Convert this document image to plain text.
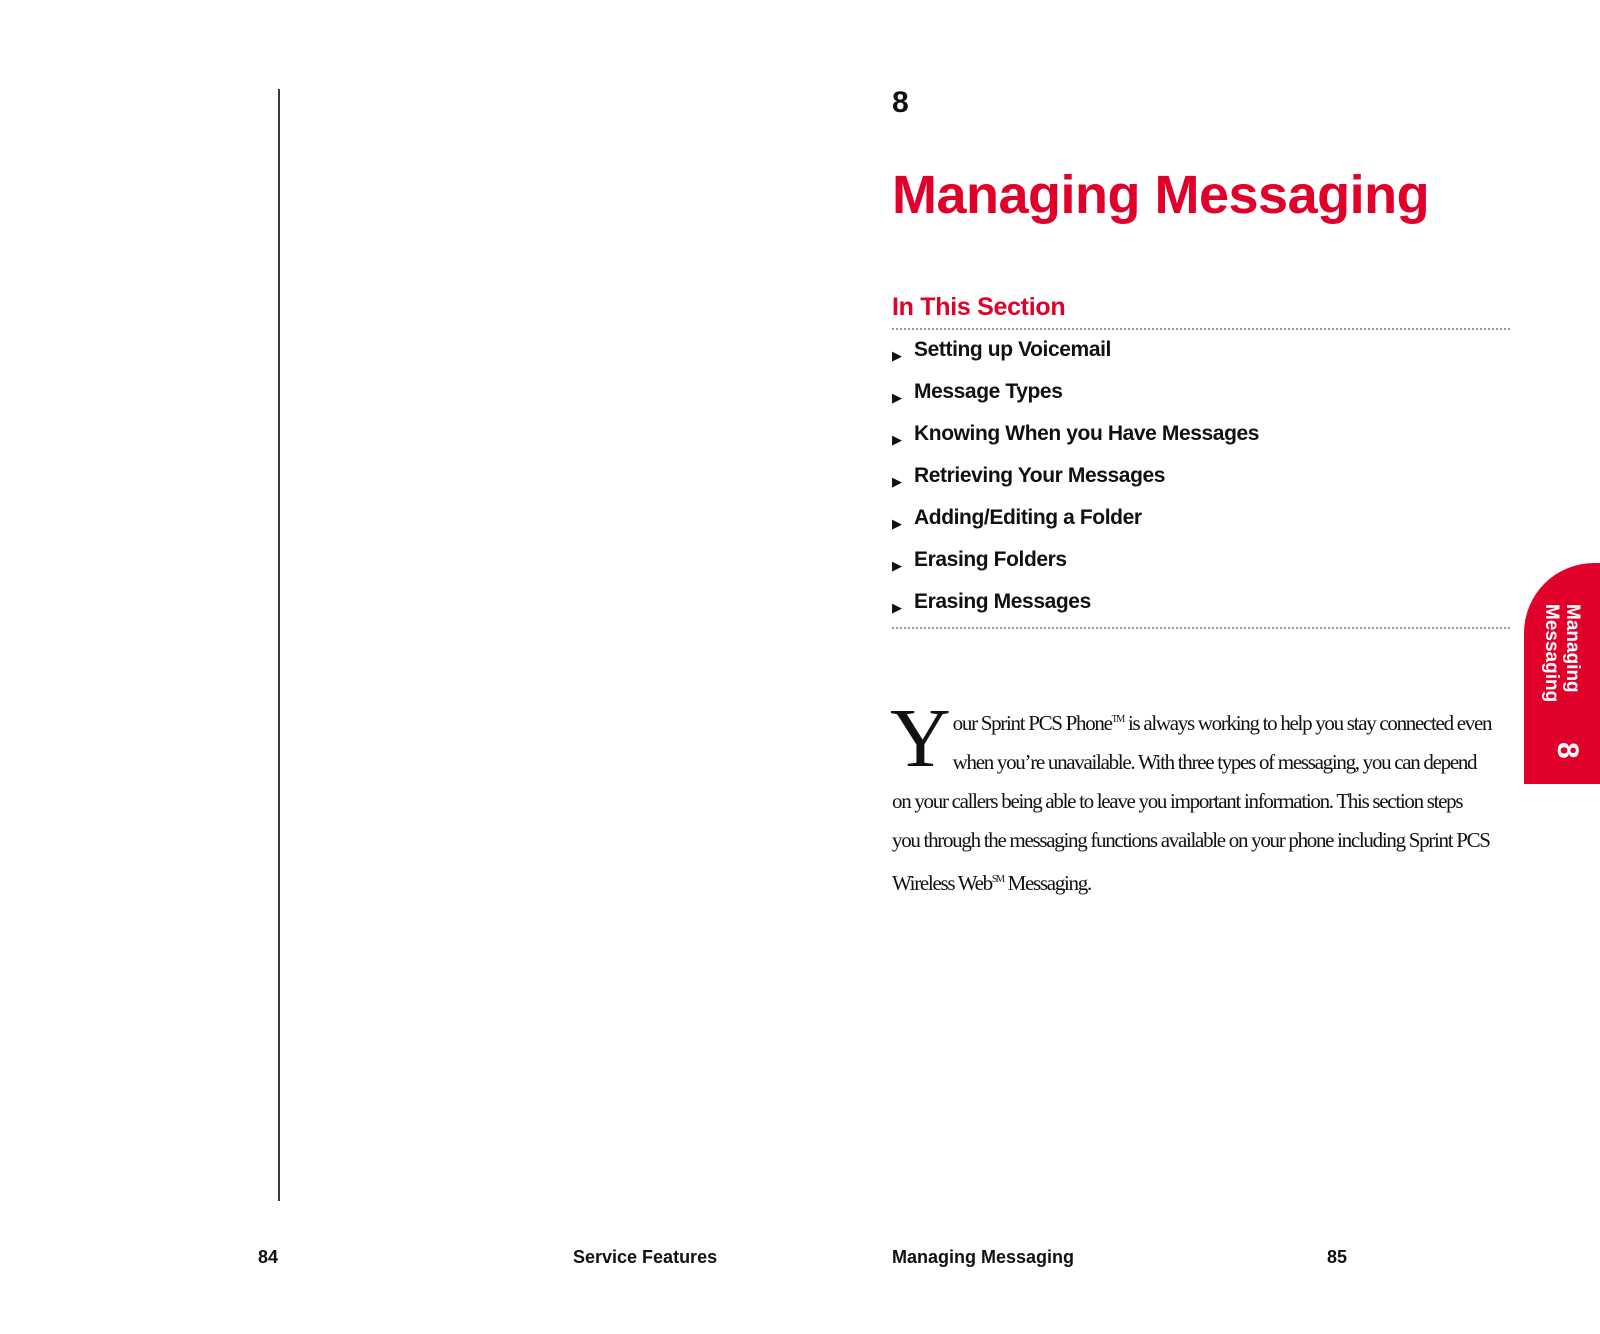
8
Managing Messaging
In This Section
▶ Setting up Voicemail
▶ Message Types
▶ Knowing When you Have Messages
▶ Retrieving Your Messages
▶ Adding/Editing a Folder
▶ Erasing Folders
▶ Erasing Messages

Your Sprint PCS Phone™ is always working to help you stay connected even when you’re unavailable. With three types of messaging, you can depend on your callers being able to leave you important information. This section steps you through the messaging functions available on your phone including Sprint PCS Wireless Web℠ Messaging.

Managing
Messaging
8
84	Service Features	Managing Messaging	85
